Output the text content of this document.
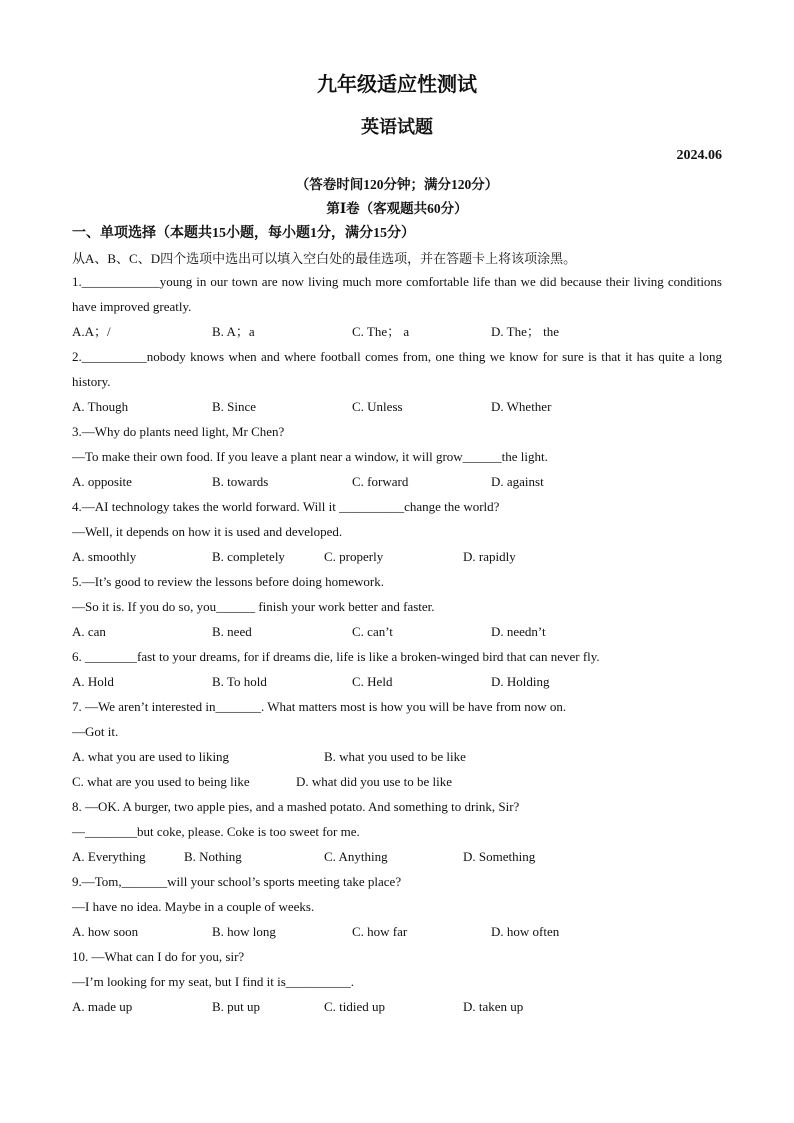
九年级适应性测试
英语试题
2024.06
（答卷时间120分钟；满分120分）
第Ⅰ卷（客观题共60分）
一、单项选择（本题共15小题，每小题1分，满分15分）
从A、B、C、D四个选项中选出可以填入空白处的最佳选项，并在答题卡上将该项涂黑。
1.____________young in our town are now living much more comfortable life than we did because their living conditions have improved greatly.
A.A；/	B. A；a	C. The； a	D. The； the
2.__________nobody knows when and where football comes from, one thing we know for sure is that it has quite a long history.
A. Though	B. Since	C. Unless	D. Whether
3.—Why do plants need light, Mr Chen?
—To make their own food. If you leave a plant near a window, it will grow______the light.
A. opposite	B. towards	C. forward	D. against
4.—AI technology takes the world forward. Will it __________change the world?
—Well, it depends on how it is used and developed.
A. smoothly	B. completely	C. properly	D. rapidly
5.—It’s good to review the lessons before doing homework.
—So it is. If you do so, you______ finish your work better and faster.
A. can	B. need	C. can’t	D. needn’t
6. ________fast to your dreams, for if dreams die, life is like a broken-winged bird that can never fly.
A. Hold	B. To hold	C. Held	D. Holding
7. —We aren’t interested in_______. What matters most is how you will be have from now on.
—Got it.
A. what you are used to liking	B. what you used to be like
C. what are you used to being like	D. what did you use to be like
8. —OK. A burger, two apple pies, and a mashed potato. And something to drink, Sir?
—________but coke, please. Coke is too sweet for me.
A. Everything	B. Nothing	C. Anything	D. Something
9.—Tom,_______will your school’s sports meeting take place?
—I have no idea. Maybe in a couple of weeks.
A. how soon	B. how long	C. how far	D. how often
10. —What can I do for you, sir?
—I’m looking for my seat, but I find it is__________.
A. made up	B. put up	C. tidied up	D. taken up
